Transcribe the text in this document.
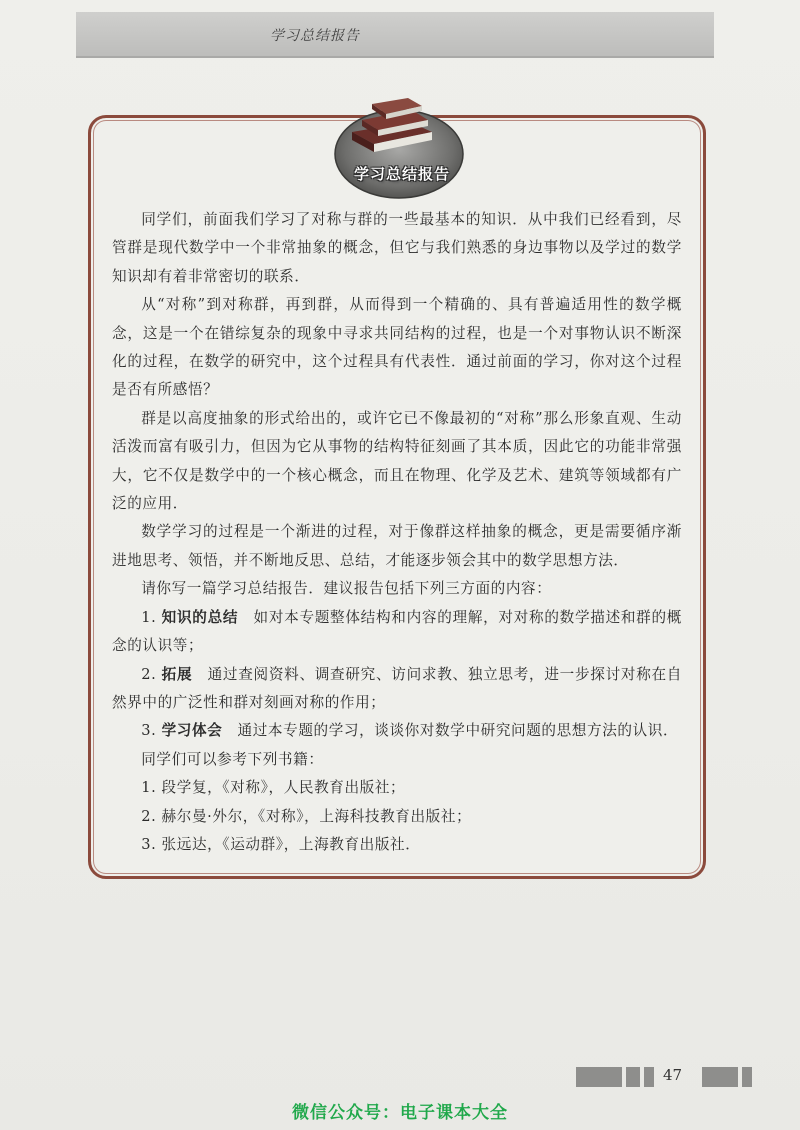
学习总结报告
学习总结报告

同学们，前面我们学习了对称与群的一些最基本的知识．从中我们已经看到，尽管群是现代数学中一个非常抽象的概念，但它与我们熟悉的身边事物以及学过的数学知识却有着非常密切的联系．

从“对称”到对称群，再到群，从而得到一个精确的、具有普遍适用性的数学概念，这是一个在错综复杂的现象中寻求共同结构的过程，也是一个对事物认识不断深化的过程，在数学的研究中，这个过程具有代表性．通过前面的学习，你对这个过程是否有所感悟？

群是以高度抽象的形式给出的，或许它已不像最初的“对称”那么形象直观、生动活泼而富有吸引力，但因为它从事物的结构特征刻画了其本质，因此它的功能非常强大，它不仅是数学中的一个核心概念，而且在物理、化学及艺术、建筑等领域都有广泛的应用．

数学学习的过程是一个渐进的过程，对于像群这样抽象的概念，更是需要循序渐进地思考、领悟，并不断地反思、总结，才能逐步领会其中的数学思想方法．

请你写一篇学习总结报告．建议报告包括下列三方面的内容：

1. 知识的总结　如对本专题整体结构和内容的理解，对对称的数学描述和群的概念的认识等；

2. 拓展　通过查阅资料、调查研究、访问求教、独立思考，进一步探讨对称在自然界中的广泛性和群对刻画对称的作用；

3. 学习体会　通过本专题的学习，谈谈你对数学中研究问题的思想方法的认识．

同学们可以参考下列书籍：

1. 段学复，《对称》，人民教育出版社；

2. 赫尔曼·外尔，《对称》，上海科技教育出版社；

3. 张远达，《运动群》，上海教育出版社．

47
微信公众号：电子课本大全
